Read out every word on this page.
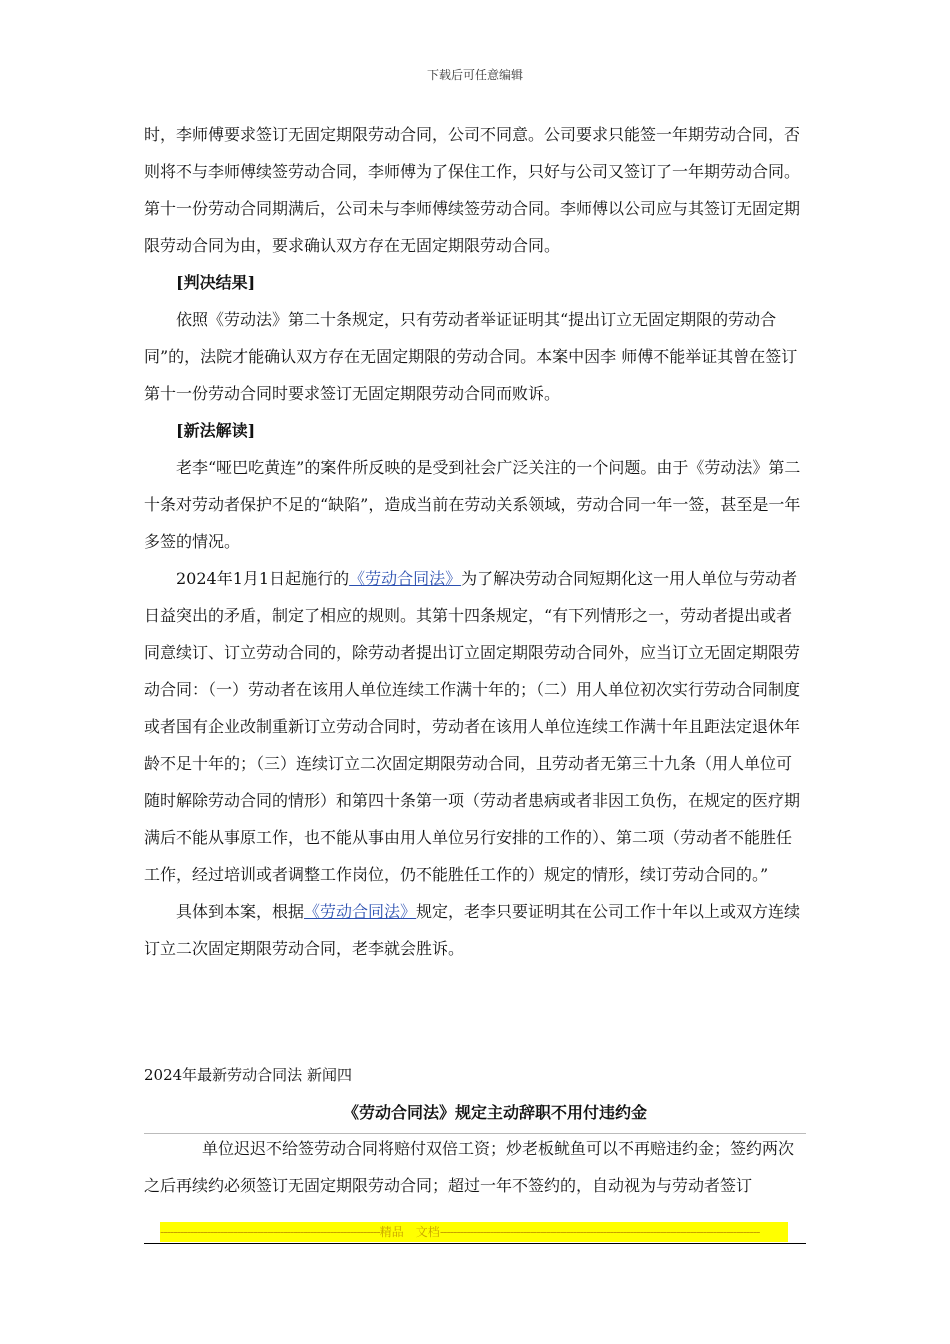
下载后可任意编辑

时，李师傅要求签订无固定期限劳动合同，公司不同意。公司要求只能签一年期劳动合同，否则将不与李师傅续签劳动合同，李师傅为了保住工作，只好与公司又签订了一年期劳动合同。第十一份劳动合同期满后，公司未与李师傅续签劳动合同。李师傅以公司应与其签订无固定期限劳动合同为由，要求确认双方存在无固定期限劳动合同。

[判决结果]

依照《劳动法》第二十条规定，只有劳动者举证证明其“提出订立无固定期限的劳动合同”的，法院才能确认双方存在无固定期限的劳动合同。本案中因李 师傅不能举证其曾在签订第十一份劳动合同时要求签订无固定期限劳动合同而败诉。

[新法解读]

老李“哑巴吃黄连”的案件所反映的是受到社会广泛关注的一个问题。由于《劳动法》第二十条对劳动者保护不足的“缺陷”，造成当前在劳动关系领域，劳动合同一年一签，甚至是一年多签的情况。

2024年1月1日起施行的《劳动合同法》为了解决劳动合同短期化这一用人单位与劳动者日益突出的矛盾，制定了相应的规则。其第十四条规定，“有下列情形之一，劳动者提出或者同意续订、订立劳动合同的，除劳动者提出订立固定期限劳动合同外，应当订立无固定期限劳动合同：（一）劳动者在该用人单位连续工作满十年的；（二）用人单位初次实行劳动合同制度或者国有企业改制重新订立劳动合同时，劳动者在该用人单位连续工作满十年且距法定退休年龄不足十年的；（三）连续订立二次固定期限劳动合同，且劳动者无第三十九条（用人单位可随时解除劳动合同的情形）和第四十条第一项（劳动者患病或者非因工负伤，在规定的医疗期满后不能从事原工作，也不能从事由用人单位另行安排的工作的）、第二项（劳动者不能胜任工作，经过培训或者调整工作岗位，仍不能胜任工作的）规定的情形，续订劳动合同的。”

具体到本案，根据《劳动合同法》规定，老李只要证明其在公司工作十年以上或双方连续订立二次固定期限劳动合同，老李就会胜诉。

2024年最新劳动合同法 新闻四
《劳动合同法》规定主动辞职不用付违约金

单位迟迟不给签劳动合同将赔付双倍工资；炒老板鱿鱼可以不再赔违约金；签约两次之后再续约必须签订无固定期限劳动合同；超过一年不签约的，自动视为与劳动者签订

------------------------------------------------------------------精品　文档------------------------------------------------------------------------------------------------
